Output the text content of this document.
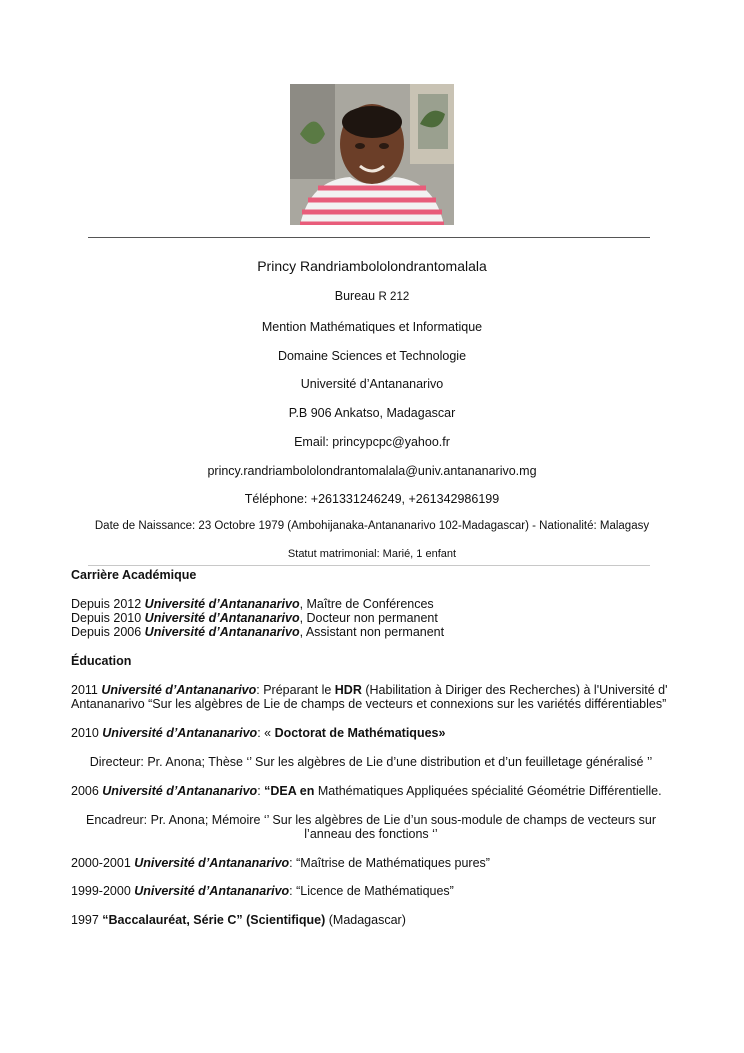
Princy Randriambololondrantomalala
Bureau R 212
Mention Mathématiques et Informatique
Domaine Sciences et Technologie
Université d’Antananarivo
P.B 906 Ankatso, Madagascar
Email: princypcpc@yahoo.fr
princy.randriambololondrantomalala@univ.antananarivo.mg
Téléphone: +261331246249, +261342986199
Date de Naissance: 23 Octobre 1979 (Ambohijanaka-Antananarivo 102-Madagascar) - Nationalité: Malagasy
Statut matrimonial: Marié, 1 enfant
Carrière Académique
Depuis 2012 Université d’Antananarivo, Maître de Conférences
Depuis 2010 Université d’Antananarivo, Docteur non permanent
Depuis 2006 Université d’Antananarivo, Assistant non permanent
Éducation
2011 Université d’Antananarivo: Préparant le HDR (Habilitation à Diriger des Recherches) à l'Université d'
Antananarivo “Sur les algèbres de Lie de champs de vecteurs et connexions sur les variétés différentiables”
2010 Université d’Antananarivo: « Doctorat de Mathématiques»
Directeur: Pr. Anona; Thèse ‘’ Sur les algèbres de Lie d’une distribution et d’un feuilletage généralisé ’’
2006 Université d’Antananarivo: “DEA en Mathématiques Appliquées spécialité Géométrie Différentielle.
Encadreur: Pr. Anona; Mémoire ‘’ Sur les algèbres de Lie d’un sous-module de champs de vecteurs sur
l’anneau des fonctions ‘’
2000-2001 Université d’Antananarivo: “Maîtrise de Mathématiques pures”
1999-2000 Université d’Antananarivo: “Licence de Mathématiques”
1997 “Baccalauréat, Série C” (Scientifique) (Madagascar)
